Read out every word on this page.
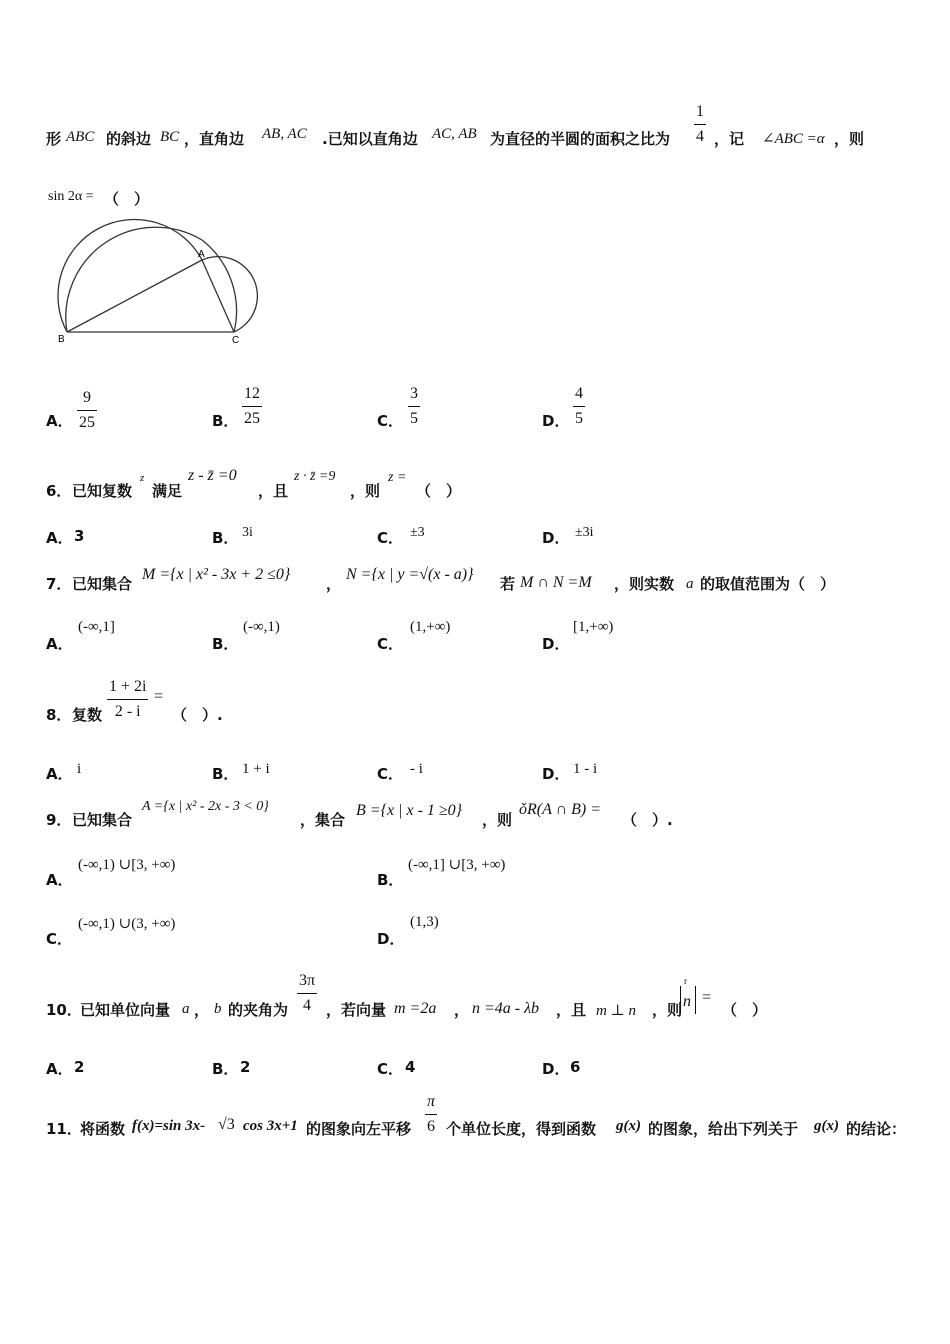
形 ABC 的斜边 BC ，直角边 AB, AC .已知以直角边 AC, AB 为直径的半圆的面积之比为
1
4 ，记 ∠ABC =α ，则
sin 2α = （　）
A
B	C
A．
9
25	B．
12
25	C．
3
5	D．
4
5
6． 已知复数
z
满足
z - z̄ =0
，且
z · z̄ =9
，则
z =
（　）
A． 3	B． 3i	C． ±3	D． ±3i
7． 已知集合
M ={x | x² - 3x + 2 ≤0}
，
N ={x | y =√(x - a)}
若 M ∩ N =M ，则实数 a 的取值范围为（　）
A．
(-∞,1]
B．
(-∞,1)
C．
(1,+∞)
D．
[1,+∞)
8． 复数
1 + 2i
2 - i
=
（　）.
A． i	B． 1 + i	C． - i	D． 1 - i
9． 已知集合
A ={x | x² - 2x - 3 < 0}
，集合
B ={x | x - 1 ≥0}
，则
ǒR(A ∩ B) =
（　）.
A．
(-∞,1) ∪[3, +∞)
B．
(-∞,1] ∪[3, +∞)
C．
(-∞,1) ∪(3, +∞)
D．
(1,3)
10．
已知单位向量 a ， b 的夹角为
3π
4 ，若向量 m =2a ， n =4a - λb ，且 m ⊥ n ，则
r
n =
（　）
A． 2	B． 2	C． 4	D． 6
11．
将函数 f(x)=sin 3x- √3 cos 3x+1 的图象向左平移
π
6 个单位长度，得到函数 g(x) 的图象，给出下列关于 g(x) 的结论：
